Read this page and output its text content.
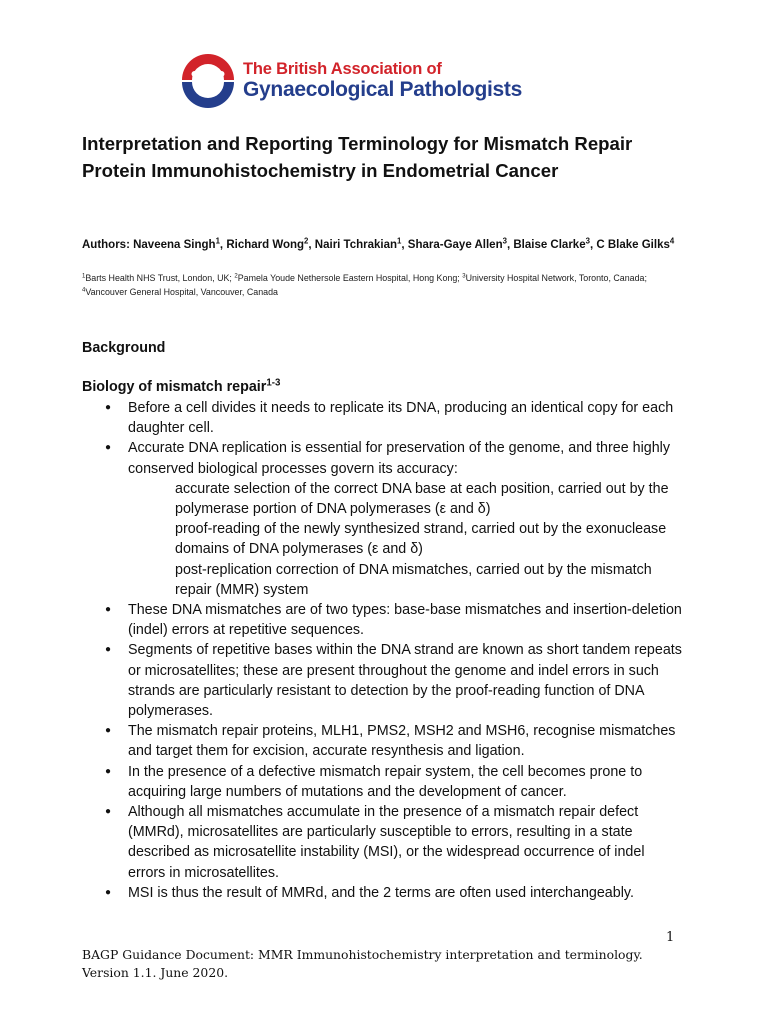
The British Association of
Gynaecological Pathologists
Interpretation and Reporting Terminology for Mismatch Repair Protein Immunohistochemistry in Endometrial Cancer
Authors: Naveena Singh$^1$, Richard Wong$^2$, Nairi Tchrakian$^1$, Shara-Gaye Allen$^3$, Blaise Clarke$^3$, C Blake Gilks$^4$
$^1$Barts Health NHS Trust, London, UK; $^2$Pamela Youde Nethersole Eastern Hospital, Hong Kong; $^3$University Hospital Network, Toronto, Canada; $^4$Vancouver General Hospital, Vancouver, Canada
Background
Biology of mismatch repair$^{1-3}$
● Before a cell divides it needs to replicate its DNA, producing an identical copy for each daughter cell.
● Accurate DNA replication is essential for preservation of the genome, and three highly conserved biological processes govern its accuracy:
accurate selection of the correct DNA base at each position, carried out by the polymerase portion of DNA polymerases (ε and δ)
proof-reading of the newly synthesized strand, carried out by the exonuclease domains of DNA polymerases (ε and δ)
post-replication correction of DNA mismatches, carried out by the mismatch repair (MMR) system
● These DNA mismatches are of two types: base-base mismatches and insertion-deletion (indel) errors at repetitive sequences.
● Segments of repetitive bases within the DNA strand are known as short tandem repeats or microsatellites; these are present throughout the genome and indel errors in such strands are particularly resistant to detection by the proof-reading function of DNA polymerases.
● The mismatch repair proteins, MLH1, PMS2, MSH2 and MSH6, recognise mismatches and target them for excision, accurate resynthesis and ligation.
● In the presence of a defective mismatch repair system, the cell becomes prone to acquiring large numbers of mutations and the development of cancer.
● Although all mismatches accumulate in the presence of a mismatch repair defect (MMRd), microsatellites are particularly susceptible to errors, resulting in a state described as microsatellite instability (MSI), or the widespread occurrence of indel errors in microsatellites.
● MSI is thus the result of MMRd, and the 2 terms are often used interchangeably.
1
BAGP Guidance Document: MMR Immunohistochemistry interpretation and terminology.
Version 1.1. June 2020.
